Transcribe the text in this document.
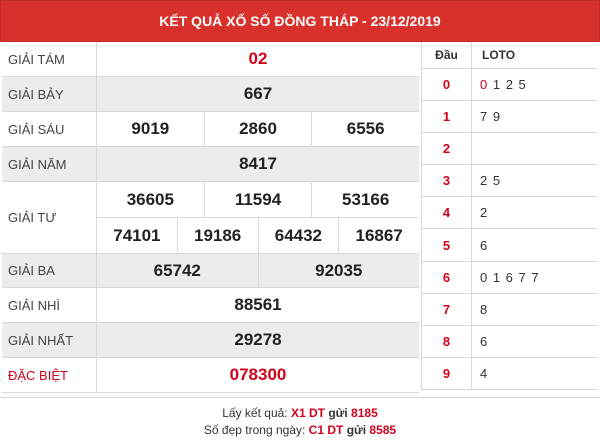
KẾT QUẢ XỔ SỐ ĐỒNG THÁP - 23/12/2019
GIẢI TÁM	02
GIẢI BẢY	667
GIẢI SÁU	9019	2860	6556
GIẢI NĂM	8417
GIẢI TƯ
36605	11594	53166
74101	19186	64432	16867
GIẢI BA	65742	92035
GIẢI NHÌ	88561
GIẢI NHẤT	29278
ĐẶC BIỆT	078300
Đầu	LOTO
0	0 1 2 5
1	7 9
2
3	2 5
4	2
5	6
6	0 1 6 7 7
7	8
8	6
9	4
Lấy kết quả: X1 DT gửi 8185
Số đẹp trong ngày: C1 DT gửi 8585
